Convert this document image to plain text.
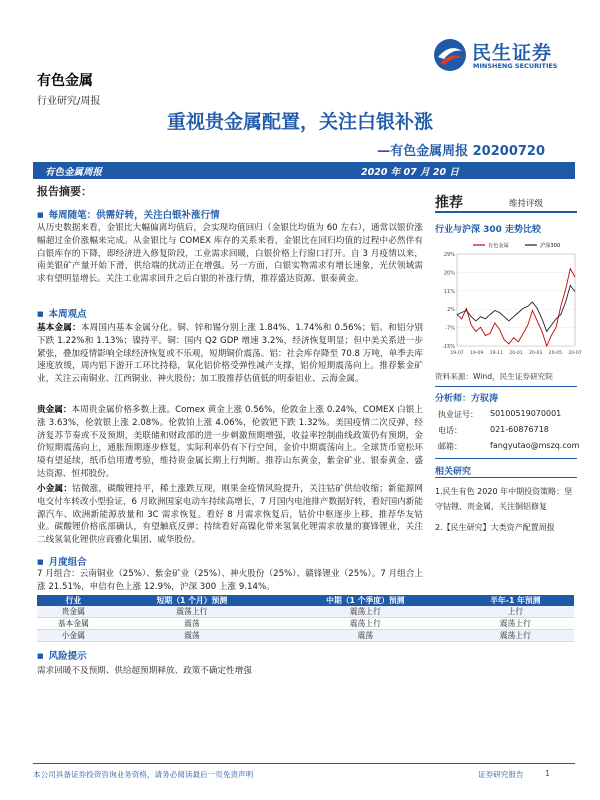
民生证券
MINSHENG SECURITIES
有色金属
行业研究/周报
重视贵金属配置，关注白银补涨
—有色金属周报 20200720
有色金属周报	2020 年 07 月 20 日
报告摘要：
■ 每周随笔：供需好转，关注白银补涨行情
从历史数据来看，金银比大幅偏离均值后，会实现均值回归（金银比均值为 60 左右），通常以银价涨幅超过金价涨幅来完成。从金银比与 COMEX 库存的关系来看，金银比在回归均值的过程中必然伴有白银库存的下降，即经济进入修复阶段，工业需求回暖，白银价格上行窗口打开。自 3 月疫情以来，南美银矿产量开始下滑，供给端的扰动正在增强。另一方面，白银实物需求有增长速象，光伏领域需求有望明显增长。关注工业需求回升之后白银的补涨行情，推荐盛达资源、银泰黄金。
■ 本周观点
基本金属：本周国内基本金属分化。铜、锌和锡分别上涨 1.84%、1.74%和 0.56%；铝、和铝分别下跌 1.22%和 1.13%；镍持平。铜：国内 Q2 GDP 增速 3.2%，经济恢复明显；但中美关系进一步紧张，叠加疫情影响全球经济恢复或不乐观，短期铜价震荡。铝：社会库存降至 70.8 万吨，单季去库速度放缓，周内铝下游开工环比持稳，氧化铝价格受弹性减产支撑，铝价短期震荡向上。推荐紫金矿业，关注云南铜业、江西铜业、神火股份；加工股推荐估值低的明泰铝业、云海金属。
贵金属：本周贵金属价格多数上涨。Comex 黄金上涨 0.56%，伦敦金上涨 0.24%，COMEX 白银上涨 3.63%，伦敦银上涨 2.08%。伦敦铂上涨 4.06%，伦敦钯下跌 1.32%。美国疫情二次反弹，经济复苏节奏或不及预期，美联储和财政部的进一步刺激预期增强，收益率控制曲线政策仍有预期，金价短期震荡向上，通胀预期逐步修复，实际利率仍有下行空间，金价中期震荡向上。全球货币宽松环境有望延续，纸币信用遭考验，维持贵金属长期上行判断。推荐山东黄金，紫金矿业、银泰黄金、盛达资源、恒邦股份。
小金属：钴微涨，碳酸锂持平，稀土涨跌互现，刚果金疫情风险提升，关注钴矿供给收缩；新能源网电交付车转改小型验证，6 月欧洲国家电动车持续高增长，7 月国内电池排产数据好转，看好国内新能源汽车、欧洲新能源放量和 3C 需求恢复。看好 8 月需求恢复后，钴价中枢逐步上移，推荐华友钴业。碳酸锂价格底部确认，有望触底反弹；持续看好高镍化带来氢氧化锂需求放量的赛锋锂业，关注二线氢氧化锂供应商雅化集团、威华股份。
■ 月度组合
7 月组合：云南铜业（25%）、紫金矿业（25%）、神火股份（25%）、赣锋锂业（25%）。7 月组合上涨 21.51%，申信有色上涨 12.9%，沪深 300 上涨 9.14%。
行业	短期（1 个月）预测	中期（1 个季度）预测	半年-1 年预测
贵金属	震荡上行	震荡上行	上行
基本金属	震荡	震荡上行	震荡上行
小金属	震荡	震荡	震荡上行
■ 风险提示
需求回暖不及预期、供给超预期释放、政策不确定性增强
推荐	维持评级
行业与沪深 300 走势比较
29%
20%
11%
2%
-7%
-15%
19-07 19-09 19-11 20-01 20-03 20-05 20-07
有色金属	沪深300
资料来源：Wind，民生证券研究院
分析师：方驭涛
执业证号： S0100519070001
电话：	021-60876718
邮箱：	fangyutao@mszq.com
相关研究
1.民生有色 2020 年中期投资策略：坚守钴锂、贵金属，关注铜铝修复
2.【民生研究】大类资产配置周报
本公司具备证券投资咨询业务资格，请务必阅读最后一页免责声明	证券研究报告	1
